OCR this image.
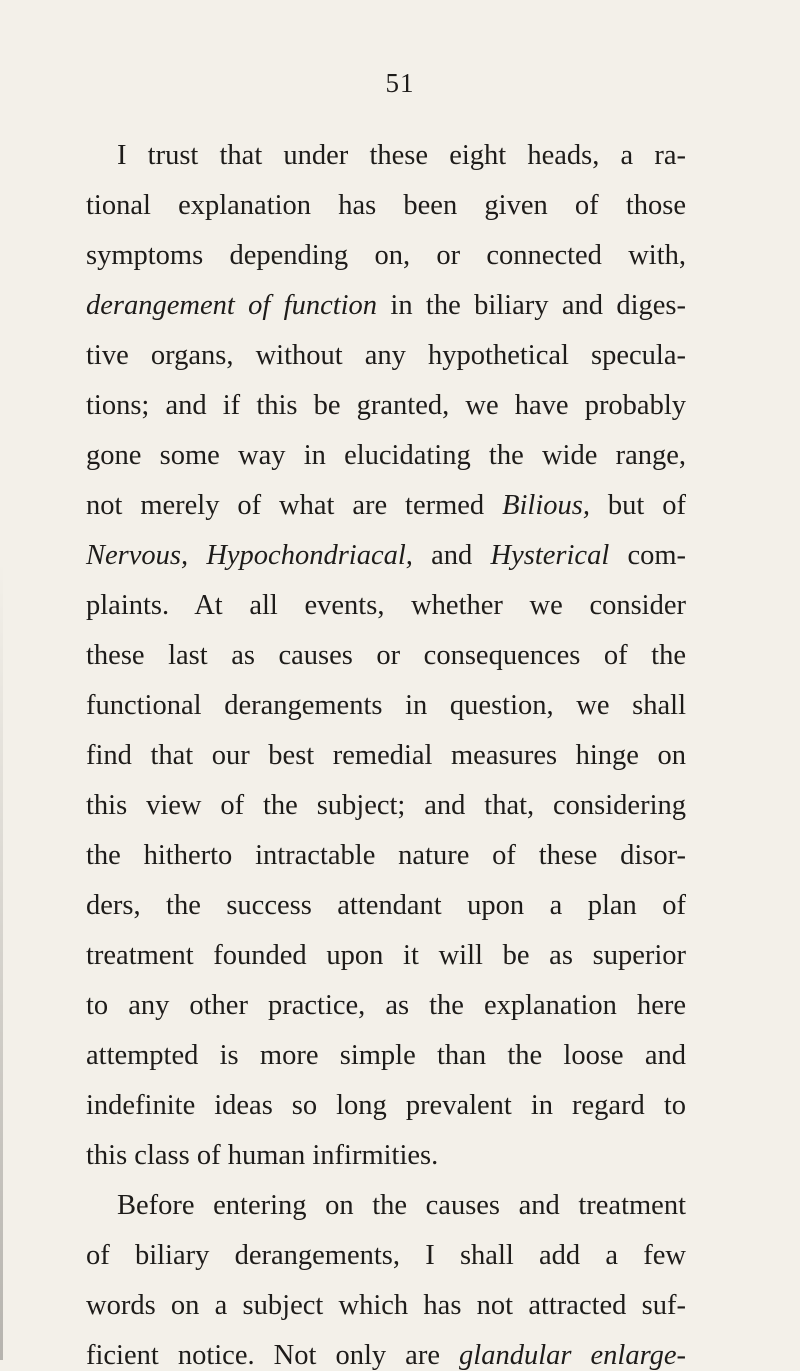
51
I trust that under these eight heads, a ra-
tional explanation has been given of those
symptoms depending on, or connected with,
derangement of function in the biliary and diges-
tive organs, without any hypothetical specula-
tions; and if this be granted, we have probably
gone some way in elucidating the wide range,
not merely of what are termed Bilious, but of
Nervous, Hypochondriacal, and Hysterical com-
plaints. At all events, whether we consider
these last as causes or consequences of the
functional derangements in question, we shall
find that our best remedial measures hinge on
this view of the subject; and that, considering
the hitherto intractable nature of these disor-
ders, the success attendant upon a plan of
treatment founded upon it will be as superior
to any other practice, as the explanation here
attempted is more simple than the loose and
indefinite ideas so long prevalent in regard to
this class of human infirmities.
Before entering on the causes and treatment
of biliary derangements, I shall add a few
words on a subject which has not attracted suf-
ficient notice. Not only are glandular enlarge-
